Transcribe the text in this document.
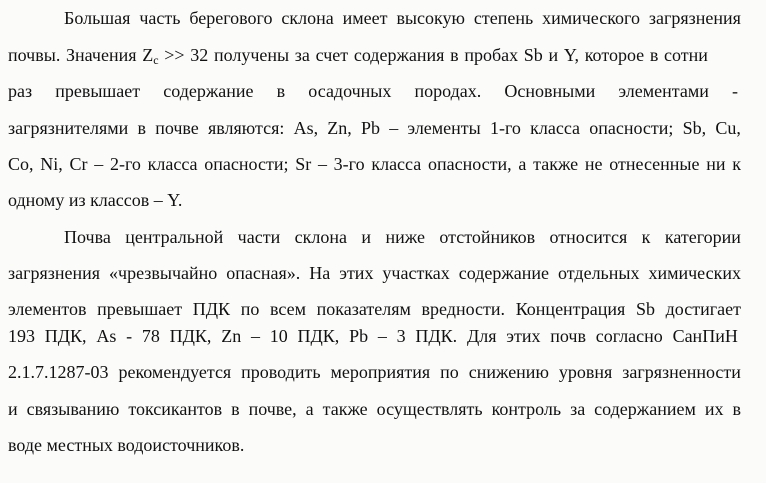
Большая часть берегового склона имеет высокую степень химического загрязнения
почвы. Значения $Z_c >> 32$ получены за счет содержания в пробах Sb и Y, которое в сотни
раз превышает содержание в осадочных породах. Основными элементами -
загрязнителями в почве являются: As, Zn, Pb – элементы 1-го класса опасности; Sb, Cu,
Co, Ni, Cr – 2-го класса опасности; Sr – 3-го класса опасности, а также не отнесенные ни к
одному из классов – Y.
Почва центральной части склона и ниже отстойников относится к категории
загрязнения «чрезвычайно опасная». На этих участках содержание отдельных химических
элементов превышает ПДК по всем показателям вредности. Концентрация Sb достигает
193 ПДК, As - 78 ПДК, Zn – 10 ПДК, Pb – 3 ПДК. Для этих почв согласно СанПиН
2.1.7.1287-03 рекомендуется проводить мероприятия по снижению уровня загрязненности
и связыванию токсикантов в почве, а также осуществлять контроль за содержанием их в
воде местных водоисточников.
